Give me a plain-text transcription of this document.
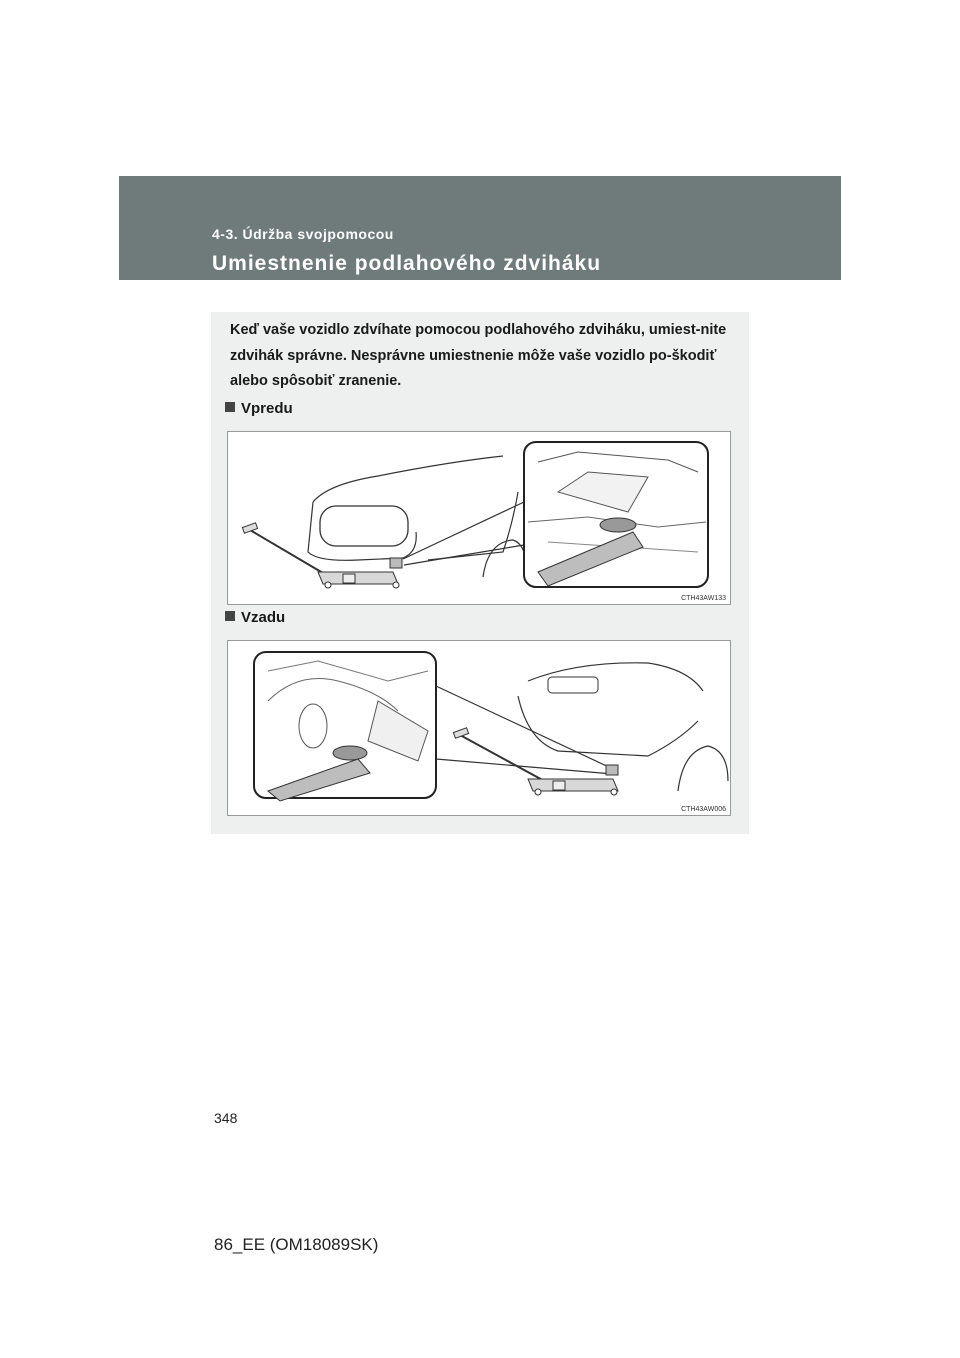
4-3. Údržba svojpomocou
Umiestnenie podlahového zdviháku

Keď vaše vozidlo zdvíhate pomocou podlahového zdviháku, umiest-nite zdvihák správne. Nesprávne umiestnenie môže vaše vozidlo po-škodiť alebo spôsobiť zranenie.

Vpredu
CTH43AW133
Vzadu
CTH43AW006
348
86_EE (OM18089SK)
